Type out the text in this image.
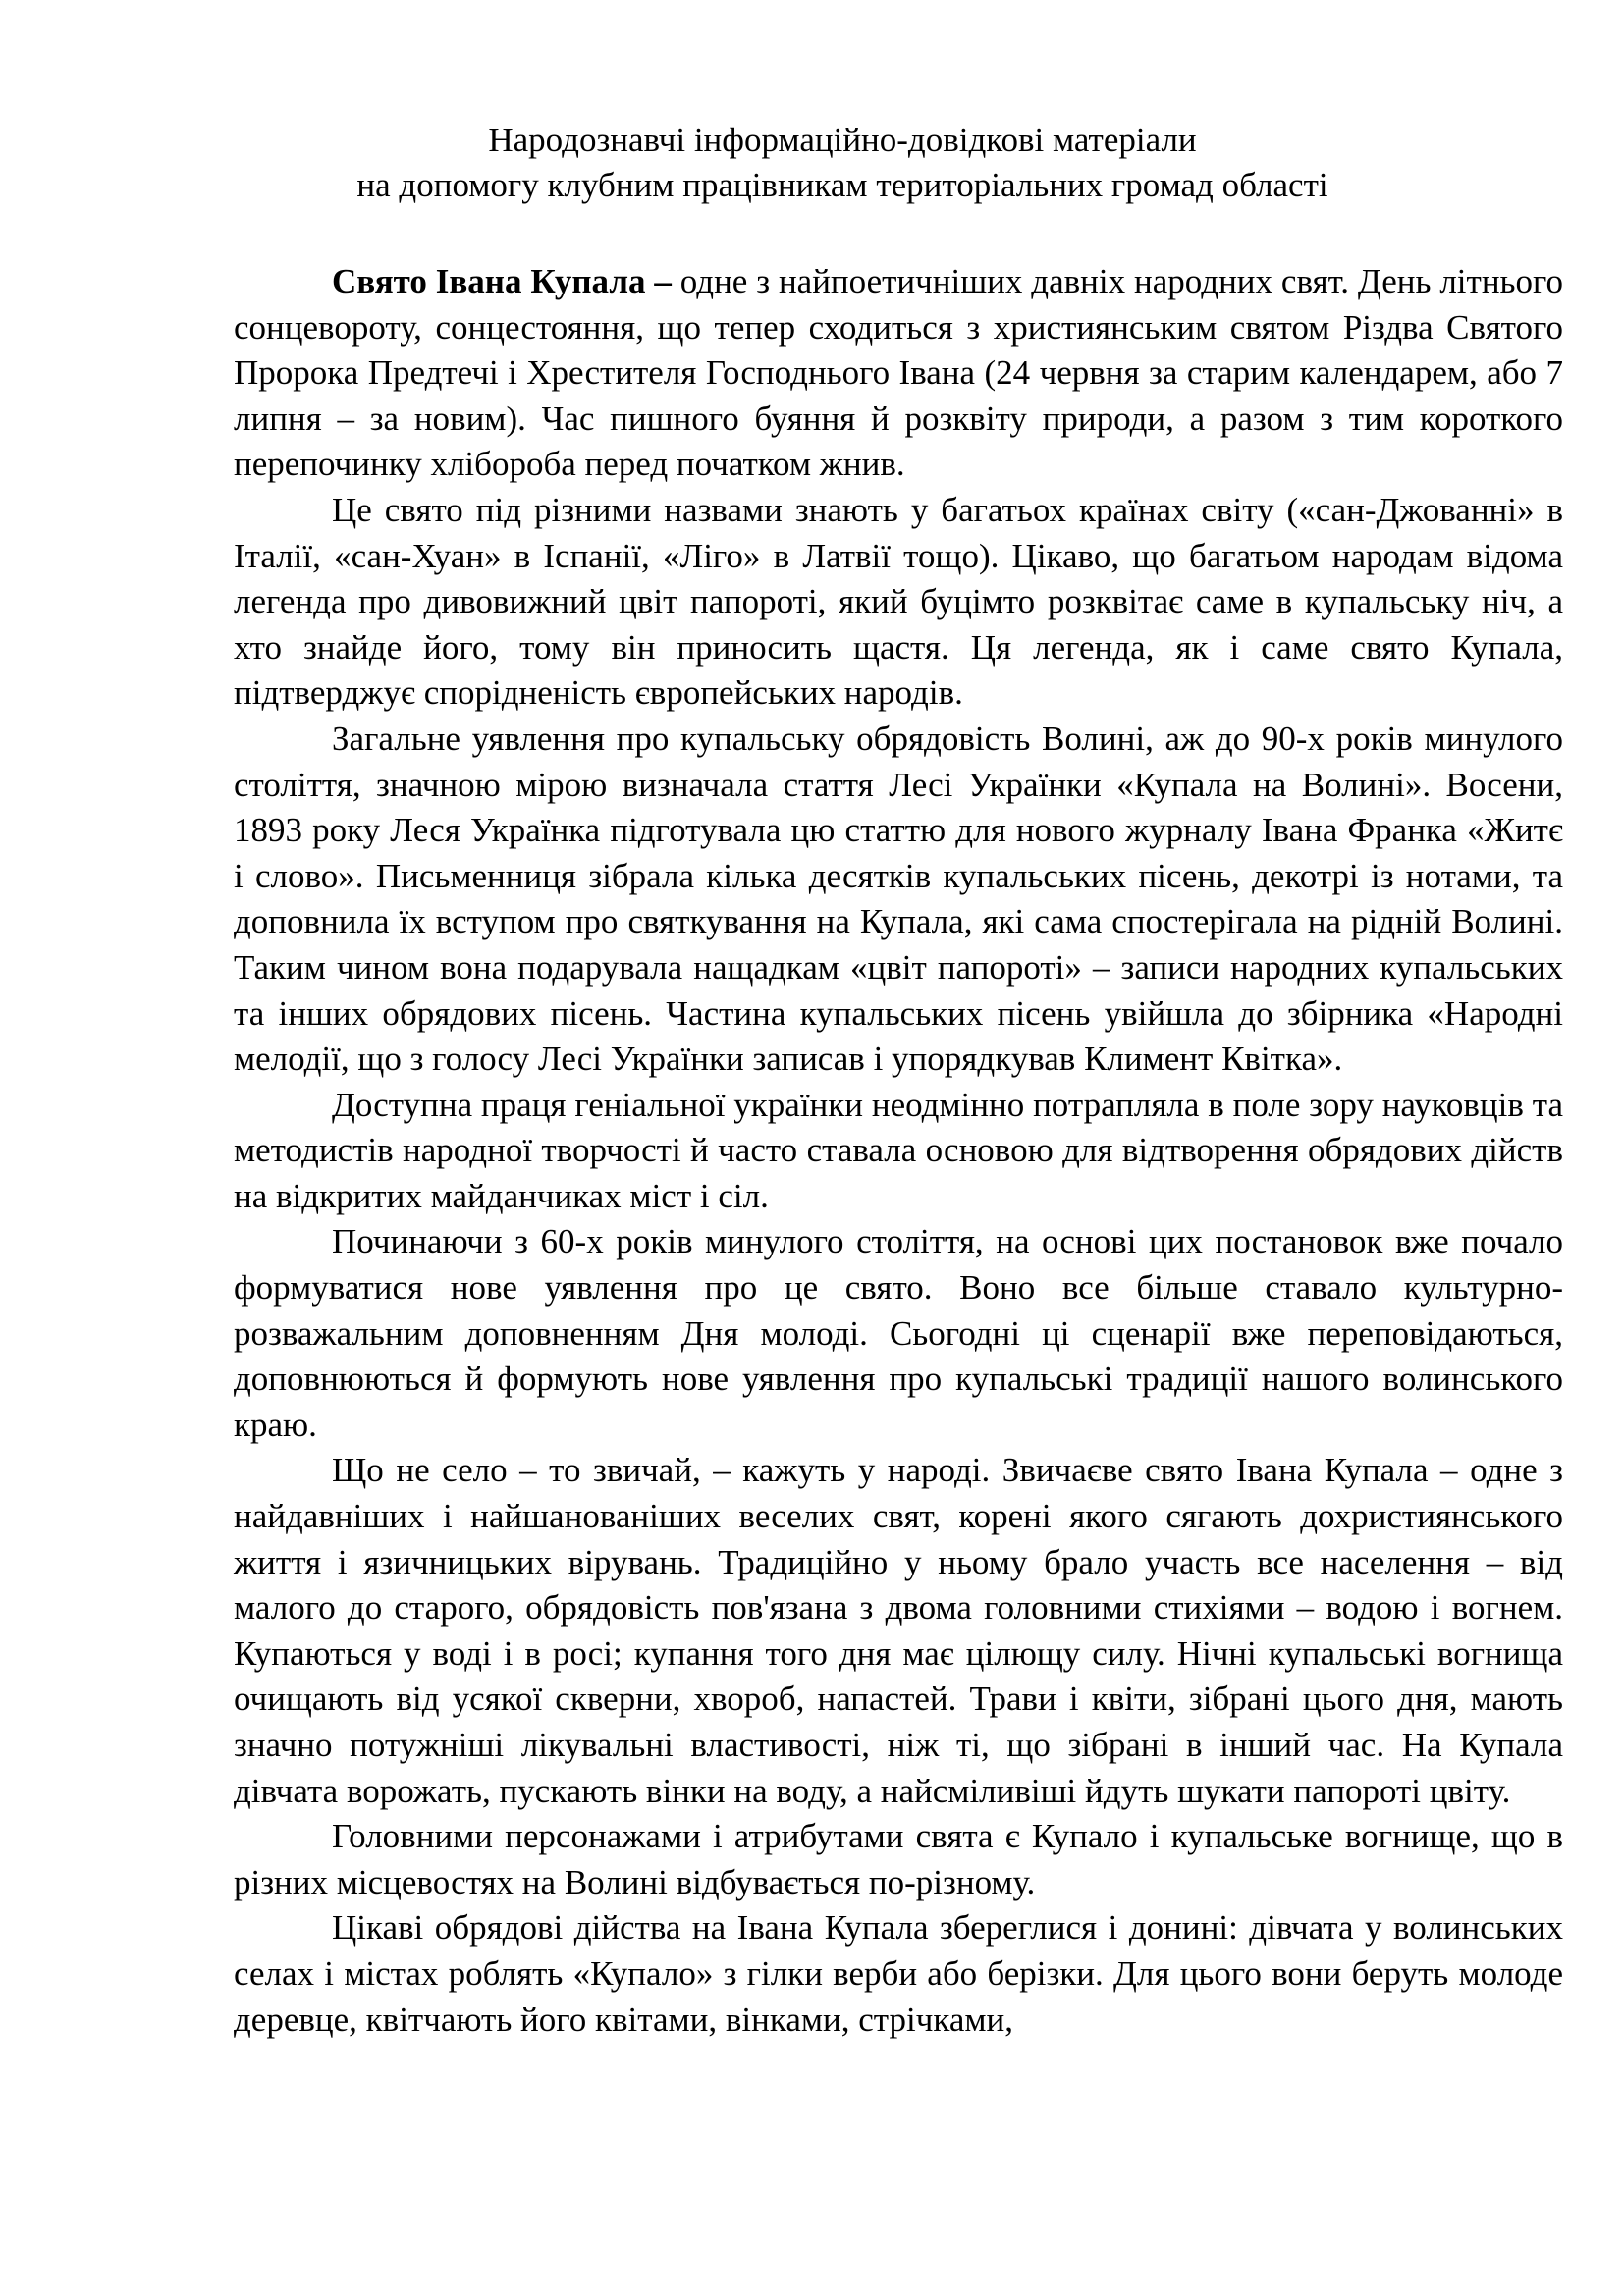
Народознавчі інформаційно-довідкові матеріали
на допомогу клубним працівникам територіальних громад області

Свято Івана Купала – одне з найпоетичніших давніх народних свят. День літнього сонцевороту, сонцестояння, що тепер сходиться з християнським святом Різдва Святого Пророка Предтечі і Хрестителя Господнього Івана (24 червня за старим календарем, або 7 липня – за новим). Час пишного буяння й розквіту природи, а разом з тим короткого перепочинку хлібороба перед початком жнив.

Це свято під різними назвами знають у багатьох країнах світу («сан-Джованні» в Італії, «сан-Хуан» в Іспанії, «Ліго» в Латвії тощо). Цікаво, що багатьом народам відома легенда про дивовижний цвіт папороті, який буцімто розквітає саме в купальську ніч, а хто знайде його, тому він приносить щастя. Ця легенда, як і саме свято Купала, підтверджує спорідненість європейських народів.

Загальне уявлення про купальську обрядовість Волині, аж до 90-х років минулого століття, значною мірою визначала стаття Лесі Українки «Купала на Волині». Восени, 1893 року Леся Українка підготувала цю статтю для нового журналу Івана Франка «Житє і слово». Письменниця зібрала кілька десятків купальських пісень, декотрі із нотами, та доповнила їх вступом про святкування на Купала, які сама спостерігала на рідній Волині. Таким чином вона подарувала нащадкам «цвіт папороті» – записи народних купальських та інших обрядових пісень. Частина купальських пісень увійшла до збірника «Народні мелодії, що з голосу Лесі Українки записав і упорядкував Климент Квітка».

Доступна праця геніальної українки неодмінно потрапляла в поле зору науковців та методистів народної творчості й часто ставала основою для відтворення обрядових дійств на відкритих майданчиках міст і сіл.

Починаючи з 60-х років минулого століття, на основі цих постановок вже почало формуватися нове уявлення про це свято. Воно все більше ставало культурно-розважальним доповненням Дня молоді. Сьогодні ці сценарії вже переповідаються, доповнюються й формують нове уявлення про купальські традиції нашого волинського краю.

Що не село – то звичай, – кажуть у народі. Звичаєве свято Івана Купала – одне з найдавніших і найшанованіших веселих свят, корені якого сягають дохристиянського життя і язичницьких вірувань. Традиційно у ньому брало участь все населення – від малого до старого, обрядовість пов'язана з двома головними стихіями – водою і вогнем. Купаються у воді і в росі; купання того дня має цілющу силу. Нічні купальські вогнища очищають від усякої скверни, хвороб, напастей. Трави і квіти, зібрані цього дня, мають значно потужніші лікувальні властивості, ніж ті, що зібрані в інший час. На Купала дівчата ворожать, пускають вінки на воду, а найсміливіші йдуть шукати папороті цвіту.

Головними персонажами і атрибутами свята є Купало і купальське вогнище, що в різних місцевостях на Волині відбувається по-різному.

Цікаві обрядові дійства на Івана Купала збереглися і донині: дівчата у волинських селах і містах роблять «Купало» з гілки верби або берізки. Для цього вони беруть молоде деревце, квітчають його квітами, вінками, стрічками,
